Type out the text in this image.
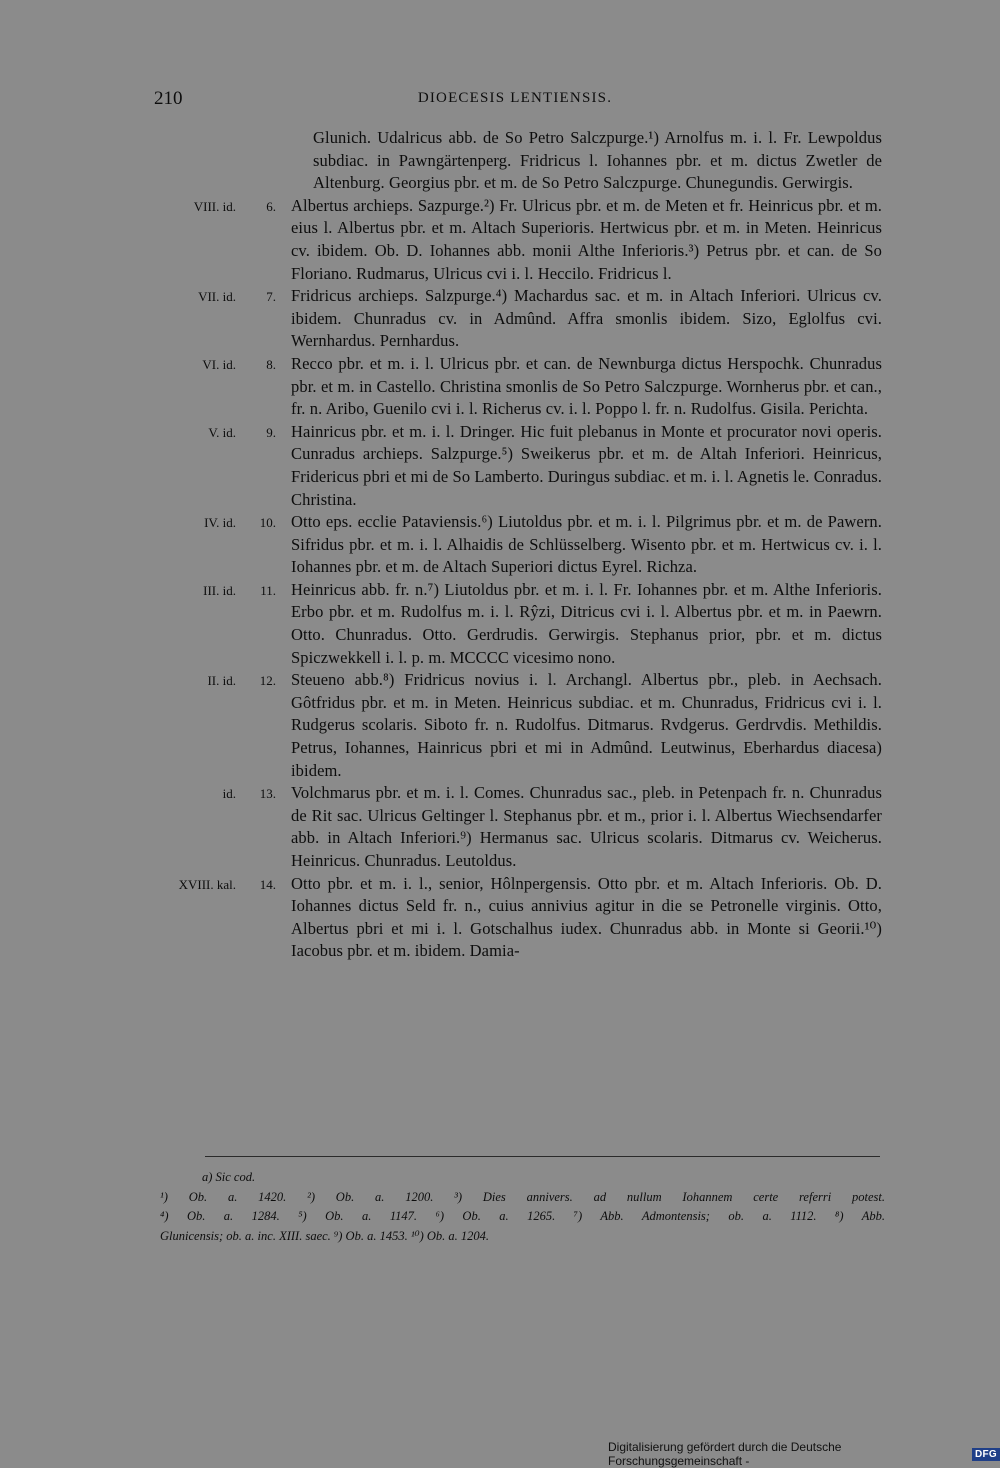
210	DIOECESIS LENTIENSIS.
Glunich. Udalricus abb. de So Petro Salczpurge.¹) Arnolfus m. i. l. Fr. Lewpoldus subdiac. in Pawngärtenperg. Fridricus l. Iohannes pbr. et m. dictus Zwetler de Altenburg. Georgius pbr. et m. de So Petro Salczpurge. Chunegundis. Gerwirgis.
VIII. id.	6. Albertus archieps. Sazpurge.²) Fr. Ulricus pbr. et m. de Meten et fr. Heinricus pbr. et m. eius l. Albertus pbr. et m. Altach Superioris. Hertwicus pbr. et m. in Meten. Heinricus cv. ibidem. Ob. D. Iohannes abb. monii Althe Inferioris.³) Petrus pbr. et can. de So Floriano. Rudmarus, Ulricus cvi i. l. Heccilo. Fridricus l.
VII. id.	7. Fridricus archieps. Salzpurge.⁴) Machardus sac. et m. in Altach Inferiori. Ulricus cv. ibidem. Chunradus cv. in Admûnd. Affra smonlis ibidem. Sizo, Eglolfus cvi. Wernhardus. Pernhardus.
VI. id.	8. Recco pbr. et m. i. l. Ulricus pbr. et can. de Newnburga dictus Herspochk. Chunradus pbr. et m. in Castello. Christina smonlis de So Petro Salczpurge. Wornherus pbr. et can., fr. n. Aribo, Guenilo cvi i. l. Richerus cv. i. l. Poppo l. fr. n. Rudolfus. Gisila. Perichta.
V. id.	9. Hainricus pbr. et m. i. l. Dringer. Hic fuit plebanus in Monte et procurator novi operis. Cunradus archieps. Salzpurge.⁵) Sweikerus pbr. et m. de Altah Inferiori. Heinricus, Fridericus pbri et mi de So Lamberto. Duringus subdiac. et m. i. l. Agnetis le. Conradus. Christina.
IV. id.	10. Otto eps. ecclie Pataviensis.⁶) Liutoldus pbr. et m. i. l. Pilgrimus pbr. et m. de Pawern. Sifridus pbr. et m. i. l. Alhaidis de Schlüsselberg. Wisento pbr. et m. Hertwicus cv. i. l. Iohannes pbr. et m. de Altach Superiori dictus Eyrel. Richza.
III. id.	11. Heinricus abb. fr. n.⁷) Liutoldus pbr. et m. i. l. Fr. Iohannes pbr. et m. Althe Inferioris. Erbo pbr. et m. Rudolfus m. i. l. Rŷzi, Ditricus cvi i. l. Albertus pbr. et m. in Paewrn. Otto. Chunradus. Otto. Gerdrudis. Gerwirgis. Stephanus prior, pbr. et m. dictus Spiczwekkell i. l. p. m. MCCCC vicesimo nono.
II. id.	12. Steueno abb.⁸) Fridricus novius i. l. Archangl. Albertus pbr., pleb. in Aechsach. Gôtfridus pbr. et m. in Meten. Heinricus subdiac. et m. Chunradus, Fridricus cvi i. l. Rudgerus scolaris. Siboto fr. n. Rudolfus. Ditmarus. Rvdgerus. Gerdrvdis. Methildis. Petrus, Iohannes, Hainricus pbri et mi in Admûnd. Leutwinus, Eberhardus diacesa) ibidem.
id.	13. Volchmarus pbr. et m. i. l. Comes. Chunradus sac., pleb. in Petenpach fr. n. Chunradus de Rit sac. Ulricus Geltinger l. Stephanus pbr. et m., prior i. l. Albertus Wiechsendarfer abb. in Altach Inferiori.⁹) Hermanus sac. Ulricus scolaris. Ditmarus cv. Weicherus. Heinricus. Chunradus. Leutoldus.
XVIII. kal.	14. Otto pbr. et m. i. l., senior, Hôlnpergensis. Otto pbr. et m. Altach Inferioris. Ob. D. Iohannes dictus Seld fr. n., cuius annivius agitur in die se Petronelle virginis. Otto, Albertus pbri et mi i. l. Gotschalhus iudex. Chunradus abb. in Monte si Georii.¹⁰) Iacobus pbr. et m. ibidem. Damia-
a) Sic cod.
¹) Ob. a. 1420. ²) Ob. a. 1200. ³) Dies annivers. ad nullum Iohannem certe referri potest.
⁴) Ob. a. 1284. ⁵) Ob. a. 1147. ⁶) Ob. a. 1265. ⁷) Abb. Admontensis; ob. a. 1112. ⁸) Abb.
Glunicensis; ob. a. inc. XIII. saec. ⁹) Ob. a. 1453. ¹⁰) Ob. a. 1204.
Digitalisierung gefördert durch die Deutsche Forschungsgemeinschaft -	DFG
